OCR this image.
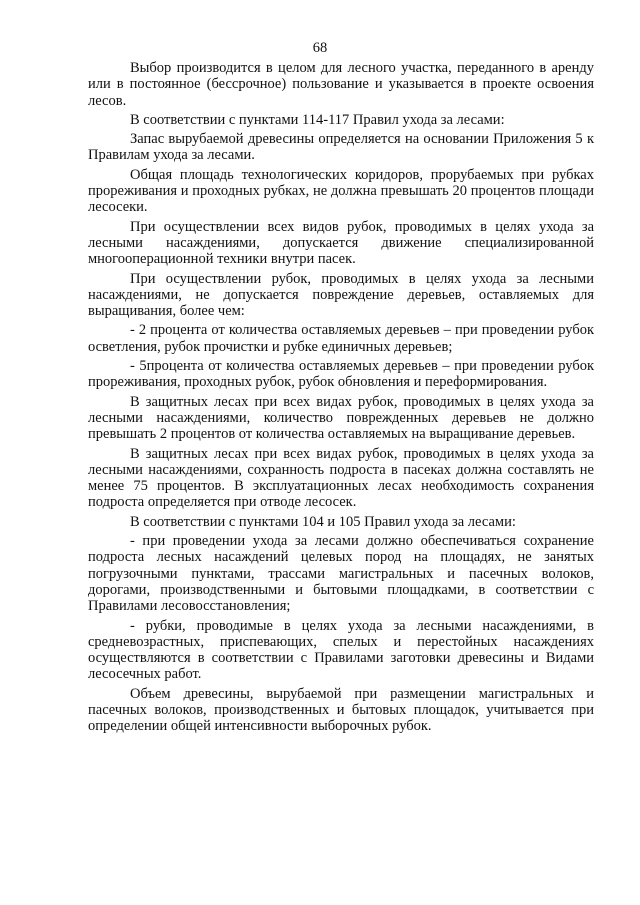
68

Выбор производится в целом для лесного участка, переданного в аренду или в постоянное (бессрочное) пользование и указывается в проекте освоения лесов.

В соответствии с пунктами 114-117 Правил ухода за лесами:

Запас вырубаемой древесины определяется на основании Приложения 5 к Правилам ухода за лесами.

Общая площадь технологических коридоров, прорубаемых при рубках прореживания и проходных рубках, не должна превышать 20 процентов площади лесосеки.

При осуществлении всех видов рубок, проводимых в целях ухода за лесными насаждениями, допускается движение специализированной многооперационной техники внутри пасек.

При осуществлении рубок, проводимых в целях ухода за лесными насаждениями, не допускается повреждение деревьев, оставляемых для выращивания, более чем:

- 2 процента от количества оставляемых деревьев – при проведении рубок осветления, рубок прочистки и рубке единичных деревьев;

- 5процента от количества оставляемых деревьев – при проведении рубок прореживания, проходных рубок, рубок обновления и переформирования.

В защитных лесах при всех видах рубок, проводимых в целях ухода за лесными насаждениями, количество поврежденных деревьев не должно превышать 2 процентов от количества оставляемых на выращивание деревьев.

В защитных лесах при всех видах рубок, проводимых в целях ухода за лесными насаждениями, сохранность подроста в пасеках должна составлять не менее 75 процентов. В эксплуатационных лесах необходимость сохранения подроста определяется при отводе лесосек.

В соответствии с пунктами 104 и 105 Правил ухода за лесами:

- при проведении ухода за лесами должно обеспечиваться сохранение подроста лесных насаждений целевых пород на площадях, не занятых погрузочными пунктами, трассами магистральных и пасечных волоков, дорогами, производственными и бытовыми площадками, в соответствии с Правилами лесовосстановления;

- рубки, проводимые в целях ухода за лесными насаждениями, в средневозрастных, приспевающих, спелых и перестойных насаждениях осуществляются в соответствии с Правилами заготовки древесины и Видами лесосечных работ.

Объем древесины, вырубаемой при размещении магистральных и пасечных волоков, производственных и бытовых площадок, учитывается при определении общей интенсивности выборочных рубок.
